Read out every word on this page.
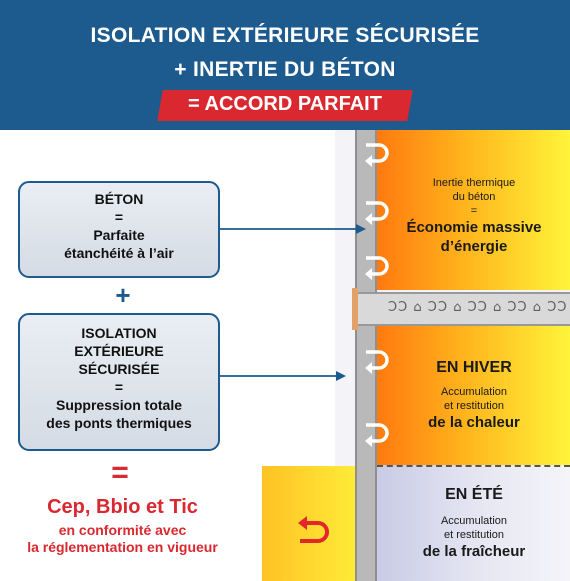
ISOLATION EXTÉRIEURE SÉCURISÉE
+ INERTIE DU BÉTON
= ACCORD PARFAIT
ƆƆ ⌂ ƆƆ ⌂ ƆƆ ⌂ ƆƆ ⌂ ƆƆ
Inertie thermique
du béton
=
Économie massive
d’énergie
EN HIVER
Accumulation
et restitution
de la chaleur
EN ÉTÉ
Accumulation
et restitution
de la fraîcheur
BÉTON
=
Parfaite
étanchéité à l’air
+
ISOLATION
EXTÉRIEURE
SÉCURISÉE
=
Suppression totale
des ponts thermiques
=
Cep, Bbio et Tic
en conformité avec
la réglementation en vigueur
